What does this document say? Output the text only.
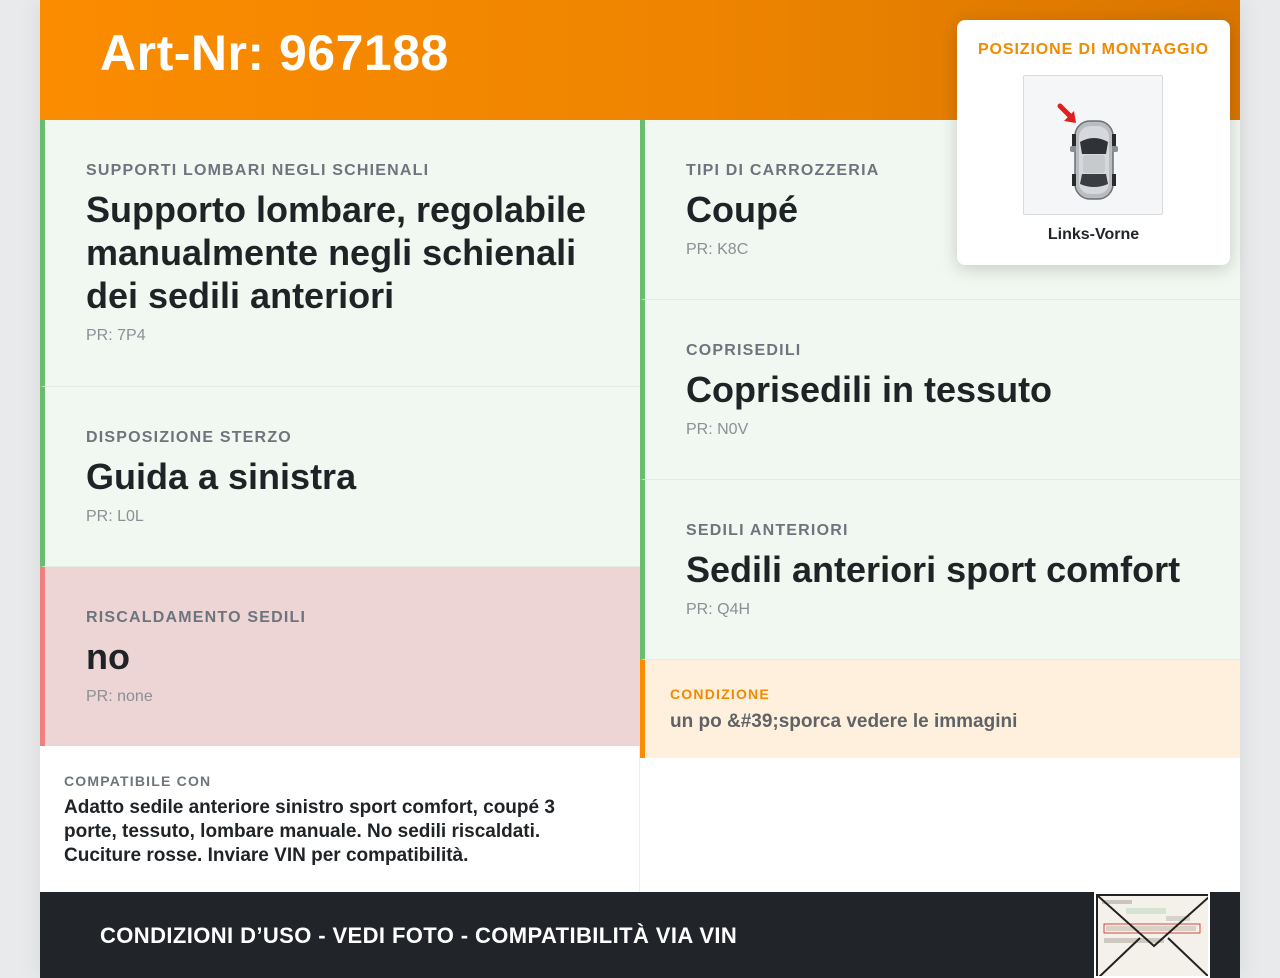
Art-Nr: 967188
SUPPORTI LOMBARI NEGLI SCHIENALI
Supporto lombare, regolabile manualmente negli schienali dei sedili anteriori
PR: 7P4
DISPOSIZIONE STERZO
Guida a sinistra
PR: L0L
RISCALDAMENTO SEDILI
no
PR: none
TIPI DI CARROZZERIA
Coupé
PR: K8C
COPRISEDILI
Coprisedili in tessuto
PR: N0V
SEDILI ANTERIORI
Sedili anteriori sport comfort
PR: Q4H
CONDIZIONE
un po &#39;sporca vedere le immagini
COMPATIBILE CON
Adatto sedile anteriore sinistro sport comfort, coupé 3 porte, tessuto, lombare manuale. No sedili riscaldati. Cuciture rosse. Inviare VIN per compatibilità.
CONDIZIONI D’USO - VEDI FOTO - COMPATIBILITÀ VIA VIN
POSIZIONE DI MONTAGGIO
Links-Vorne
